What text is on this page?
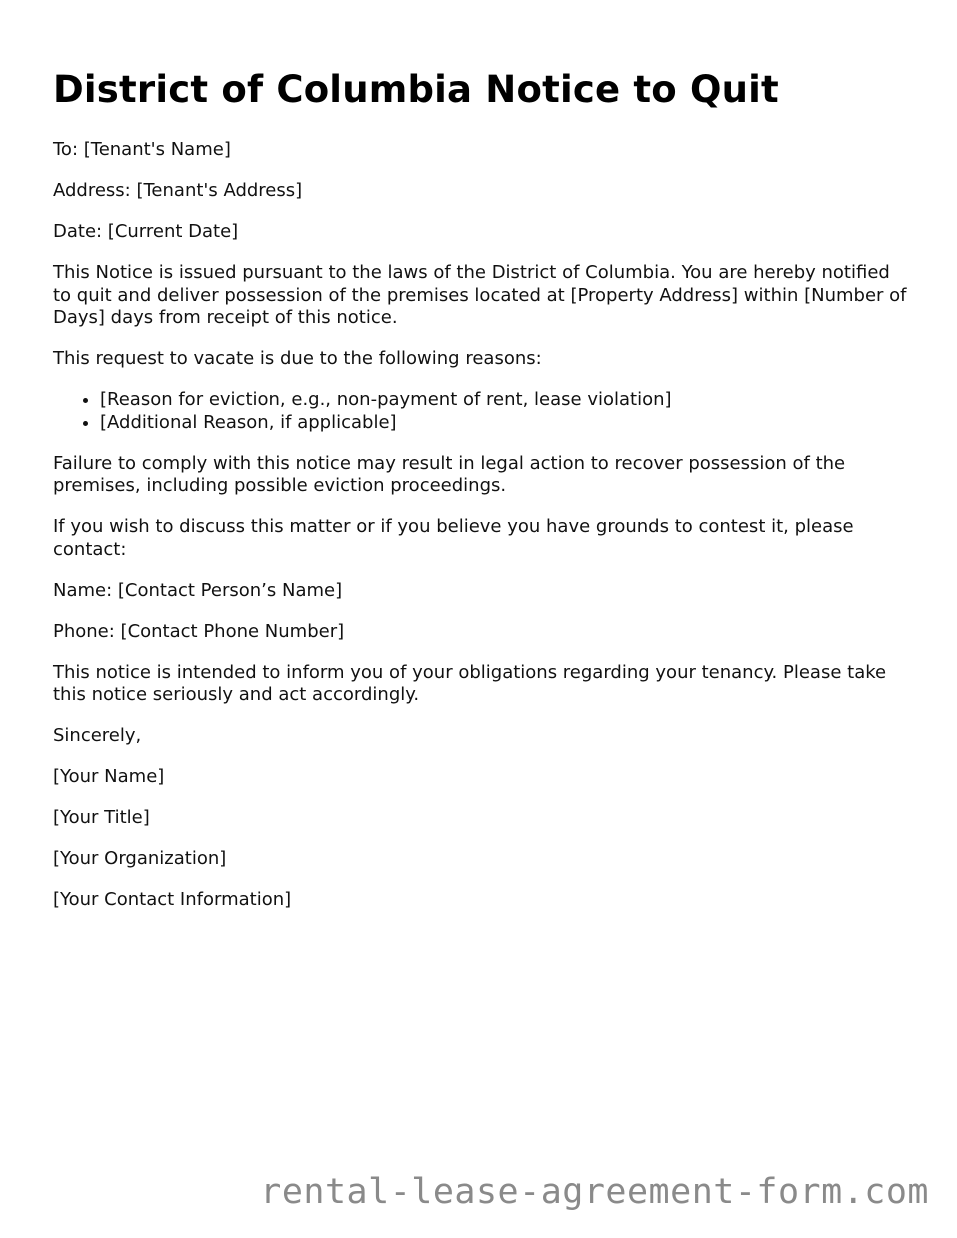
District of Columbia Notice to Quit

To: [Tenant's Name]

Address: [Tenant's Address]

Date: [Current Date]

This Notice is issued pursuant to the laws of the District of Columbia. You are hereby notified to quit and deliver possession of the premises located at [Property Address] within [Number of Days] days from receipt of this notice.

This request to vacate is due to the following reasons:

• [Reason for eviction, e.g., non-payment of rent, lease violation]
• [Additional Reason, if applicable]

Failure to comply with this notice may result in legal action to recover possession of the premises, including possible eviction proceedings.

If you wish to discuss this matter or if you believe you have grounds to contest it, please contact:

Name: [Contact Person’s Name]

Phone: [Contact Phone Number]

This notice is intended to inform you of your obligations regarding your tenancy. Please take this notice seriously and act accordingly.

Sincerely,

[Your Name]

[Your Title]

[Your Organization]

[Your Contact Information]

rental-lease-agreement-form.com
